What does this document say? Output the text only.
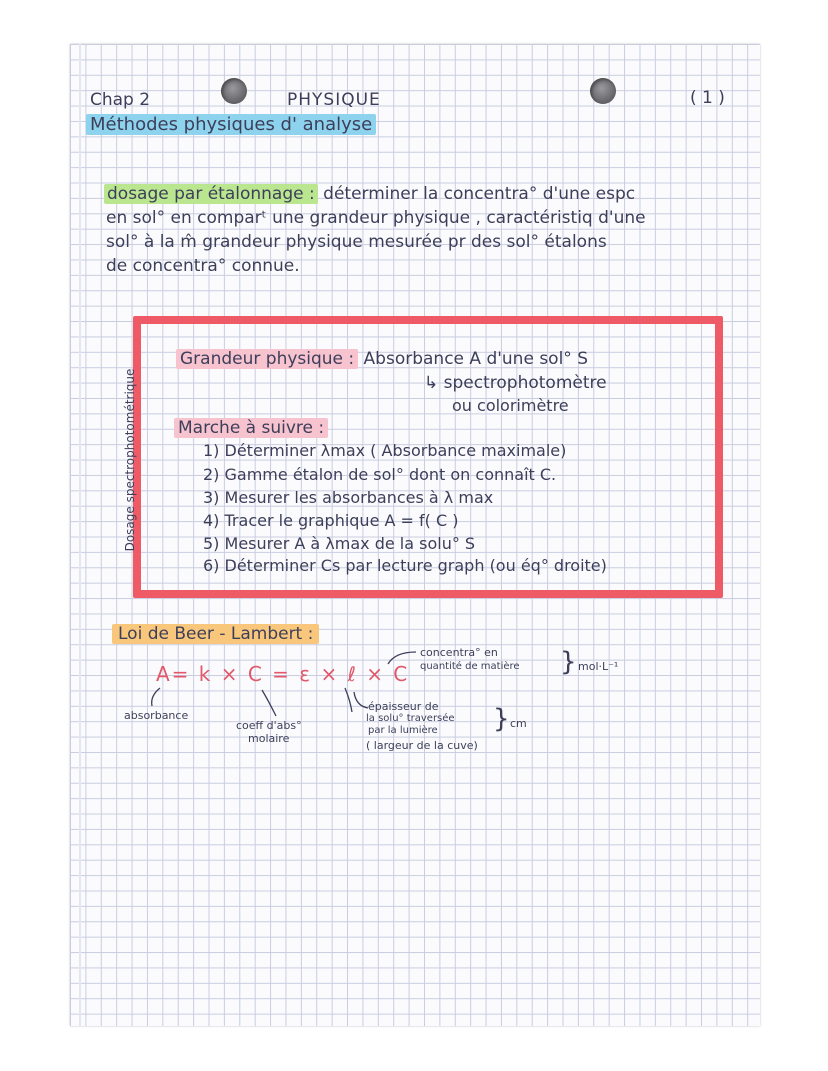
Chap 2	PHYSIQUE	( 1 )
Méthodes physiques d' analyse
dosage par étalonnage : déterminer la concentra° d'une espc
en sol° en comparᵗ une grandeur physique , caractéristiq d'une
sol° à la m̂ grandeur physique mesurée pr des sol° étalons
de concentra° connue.
Dosage spectrophotométrique
Grandeur physique : Absorbance A d'une sol° S
↳ spectrophotomètre
ou colorimètre
Marche à suivre :
1) Déterminer λmax ( Absorbance maximale)
2) Gamme étalon de sol° dont on connaît C.
3) Mesurer les absorbances à λ max
4) Tracer le graphique A = f( C )
5) Mesurer A à λmax de la solu° S
6) Déterminer Cs par lecture graph (ou éq° droite)
Loi de Beer - Lambert :
A= k × C = ε × ℓ × C
absorbance
coeff d'abs°
molaire
concentra° en
quantité de matière } mol·L⁻¹
épaisseur de
la solu° traversée
par la lumière
( largeur de la cuve)
} cm
